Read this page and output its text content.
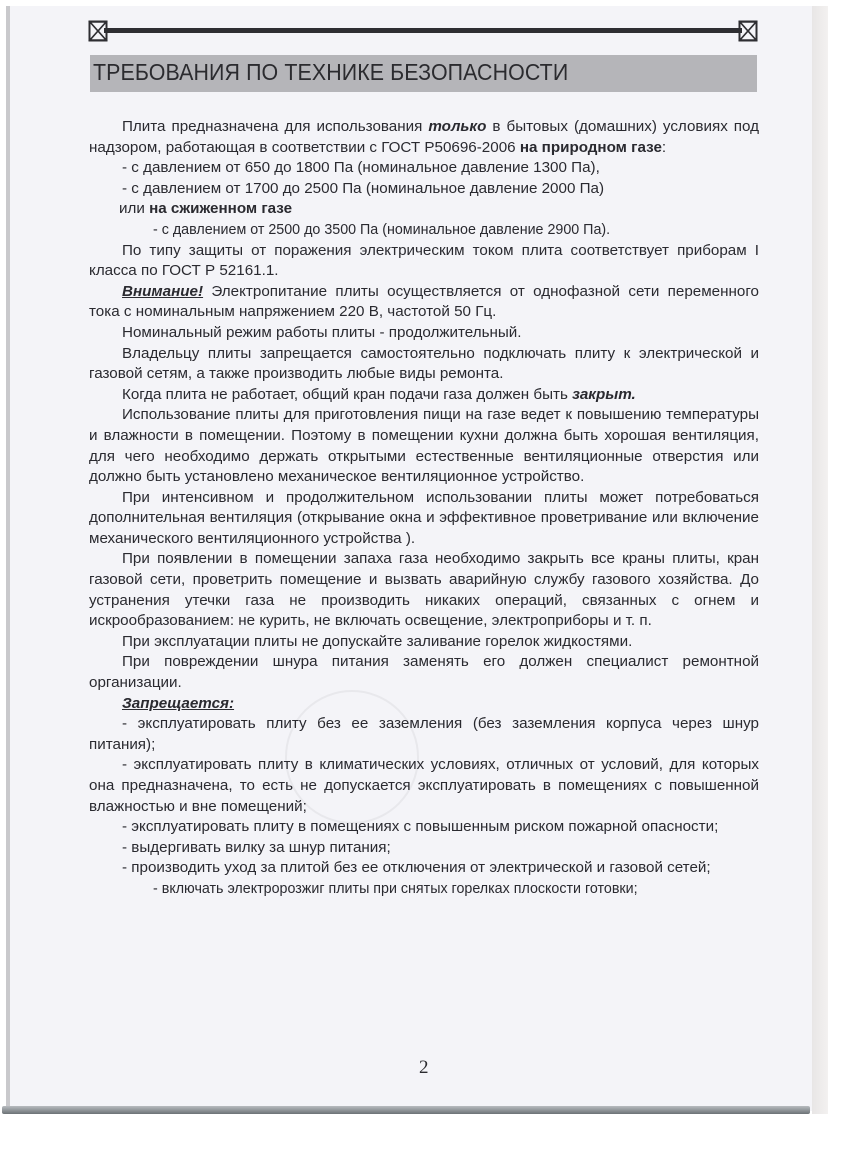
ТРЕБОВАНИЯ ПО ТЕХНИКЕ БЕЗОПАСНОСТИ

Плита предназначена для использования только в бытовых (домашних) условиях под надзором, работающая в соответствии с ГОСТ Р50696-2006 на природном газе:

- с давлением от 650 до 1800 Па (номинальное давление 1300 Па),

- с давлением от 1700 до 2500 Па (номинальное давление 2000 Па)

или на сжиженном газе

- с давлением от 2500 до 3500 Па (номинальное давление 2900 Па).

По типу защиты от поражения электрическим током плита соответствует приборам I класса по ГОСТ Р 52161.1.

Внимание! Электропитание плиты осуществляется от однофазной сети переменного тока с номинальным напряжением 220 В, частотой 50 Гц.

Номинальный режим работы плиты - продолжительный.

Владельцу плиты запрещается самостоятельно подключать плиту к электрической и газовой сетям, а также производить любые виды ремонта.

Когда плита не работает, общий кран подачи газа должен быть закрыт.

Использование плиты для приготовления пищи на газе ведет к повышению температуры и влажности в помещении. Поэтому в помещении кухни должна быть хорошая вентиляция, для чего необходимо держать открытыми естественные вентиляционные отверстия или должно быть установлено механическое вентиляционное устройство.

При интенсивном и продолжительном использовании плиты может потребоваться дополнительная вентиляция (открывание окна и эффективное проветривание или включение механического вентиляционного устройства ).

При появлении в помещении запаха газа необходимо закрыть все краны плиты, кран газовой сети, проветрить помещение и вызвать аварийную службу газового хозяйства. До устранения утечки газа не производить никаких операций, связанных с огнем и искрообразованием: не курить, не включать освещение, электроприборы и т. п.

При эксплуатации плиты не допускайте заливание горелок жидкостями.

При повреждении шнура питания заменять его должен специалист ремонтной организации.

Запрещается:

- эксплуатировать плиту без ее заземления (без заземления корпуса через шнур питания);

- эксплуатировать плиту в климатических условиях, отличных от условий, для которых она предназначена, то есть не допускается эксплуатировать в помещениях с повышенной влажностью и вне помещений;

- эксплуатировать плиту в помещениях с повышенным риском пожарной опасности;

- выдергивать вилку за шнур питания;

- производить уход за плитой без ее отключения от электрической и газовой сетей;

- включать электророзжиг плиты при снятых горелках плоскости готовки;

2
